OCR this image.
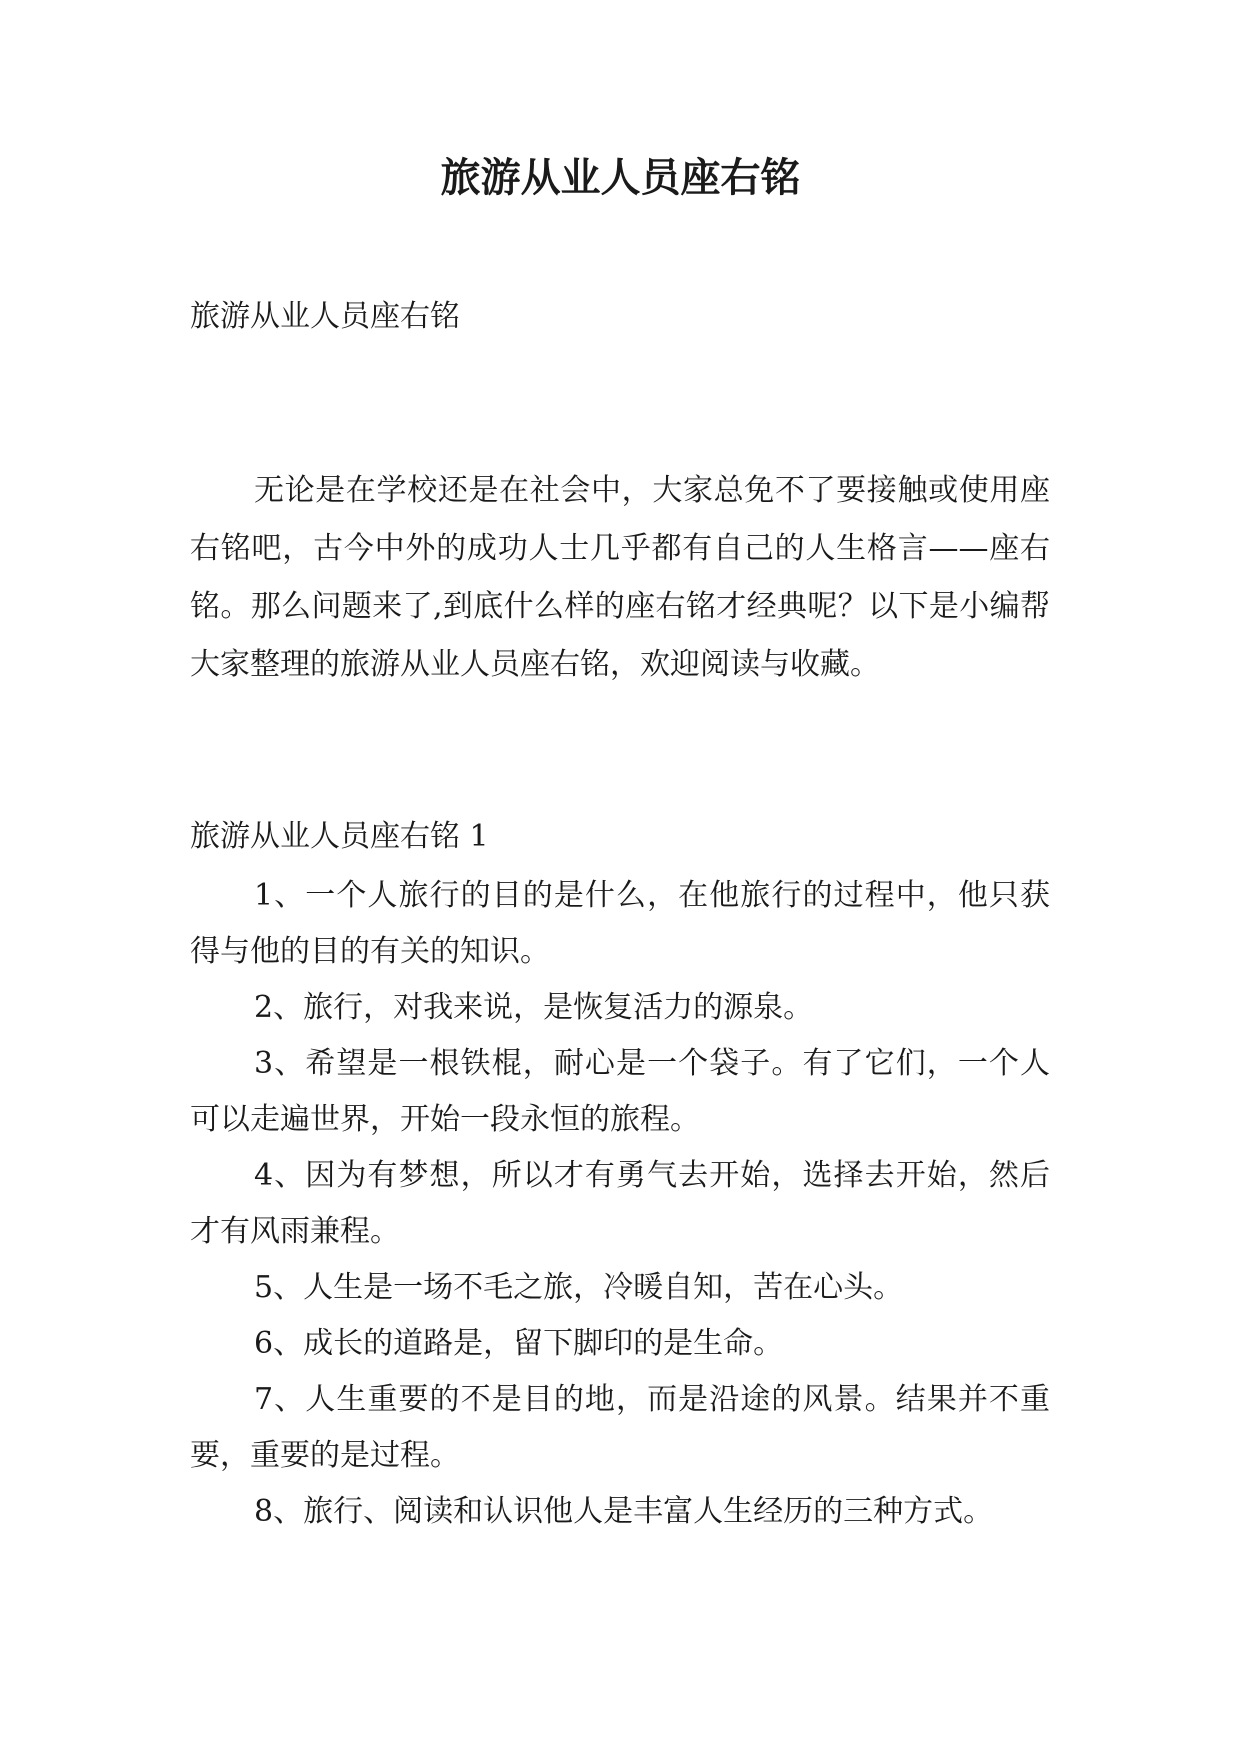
旅游从业人员座右铭

旅游从业人员座右铭

无论是在学校还是在社会中，大家总免不了要接触或使用座右铭吧，古今中外的成功人士几乎都有自己的人生格言——座右铭。那么问题来了,到底什么样的座右铭才经典呢？以下是小编帮大家整理的旅游从业人员座右铭，欢迎阅读与收藏。

旅游从业人员座右铭 1

1、一个人旅行的目的是什么，在他旅行的过程中，他只获得与他的目的有关的知识。
2、旅行，对我来说，是恢复活力的源泉。
3、希望是一根铁棍，耐心是一个袋子。有了它们，一个人可以走遍世界，开始一段永恒的旅程。
4、因为有梦想，所以才有勇气去开始，选择去开始，然后才有风雨兼程。
5、人生是一场不毛之旅，冷暖自知，苦在心头。
6、成长的道路是，留下脚印的是生命。
7、人生重要的不是目的地，而是沿途的风景。结果并不重要，重要的是过程。
8、旅行、阅读和认识他人是丰富人生经历的三种方式。
